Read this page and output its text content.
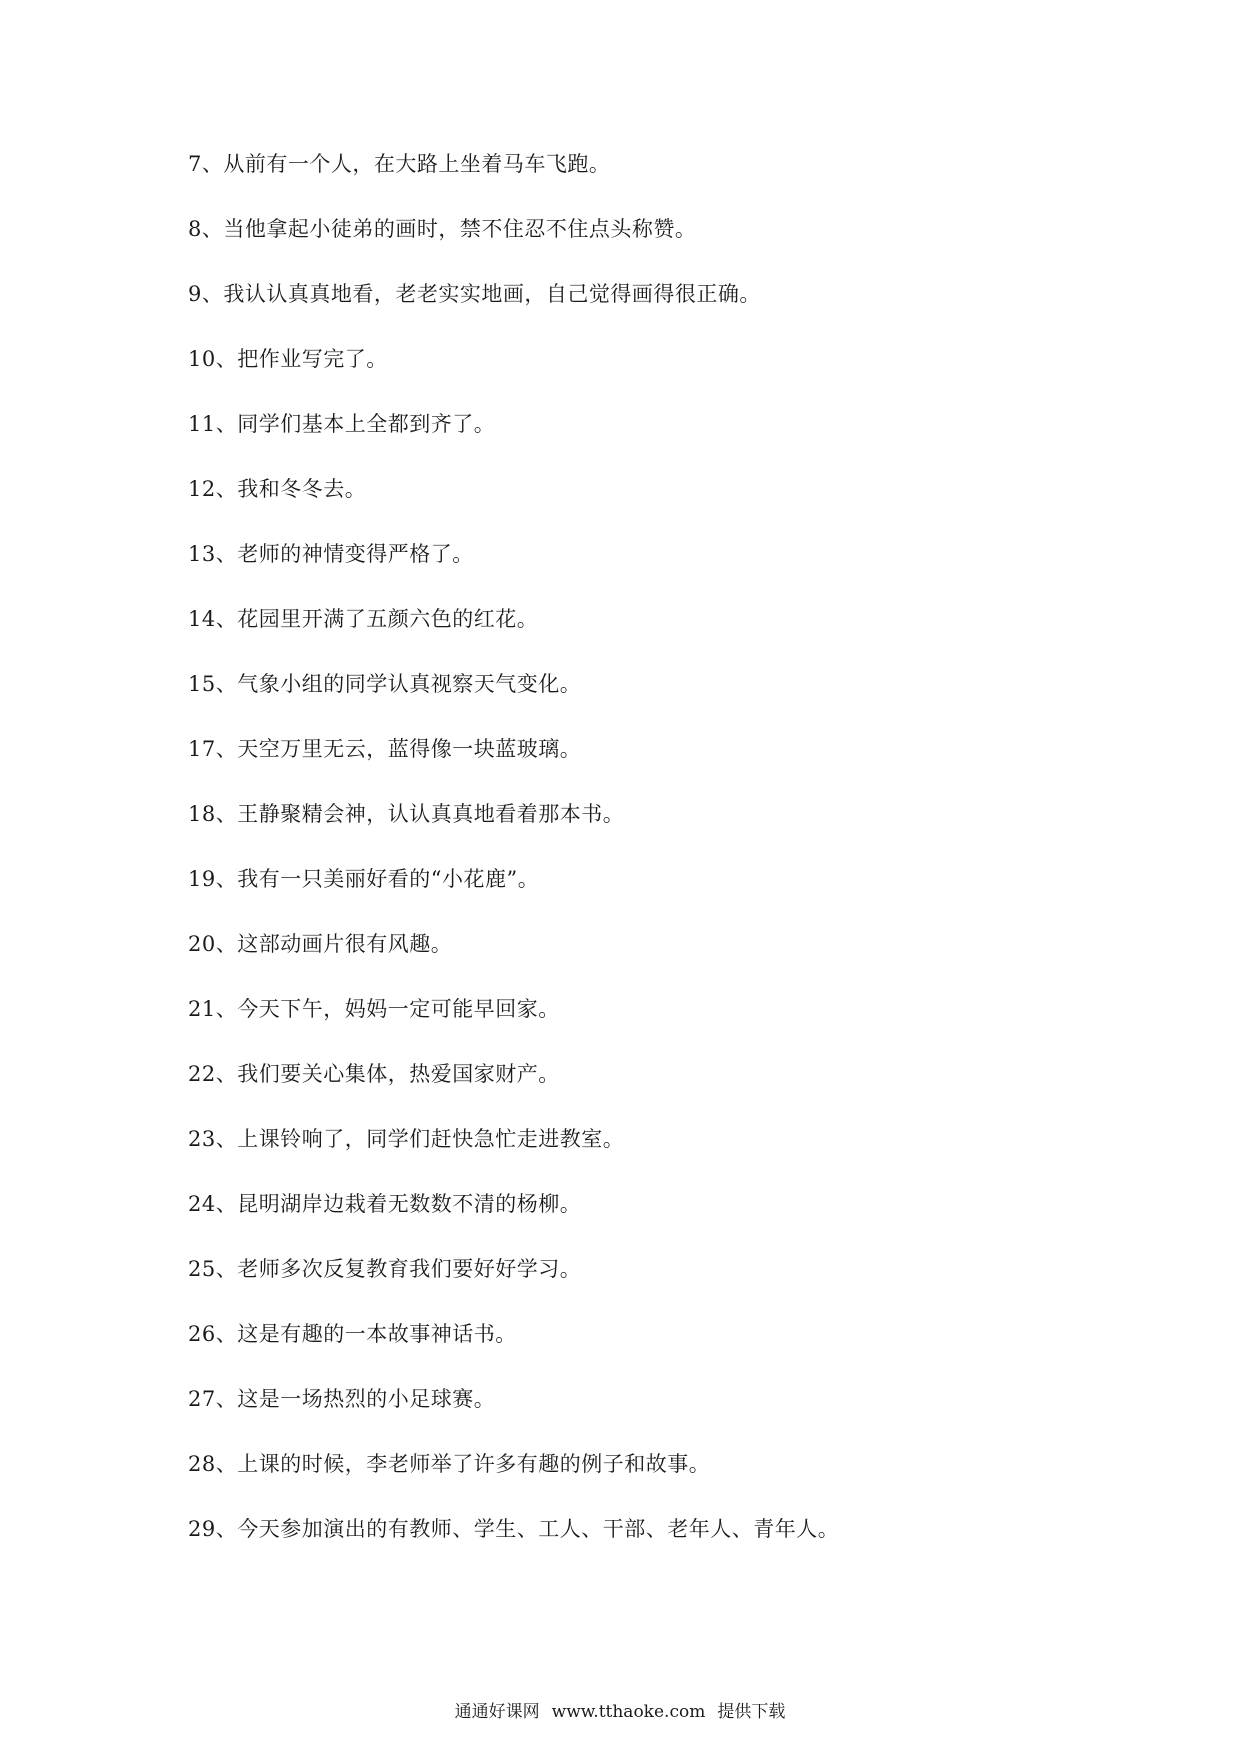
7、从前有一个人，在大路上坐着马车飞跑。
8、当他拿起小徒弟的画时，禁不住忍不住点头称赞。
9、我认认真真地看，老老实实地画，自己觉得画得很正确。
10、把作业写完了。
11、同学们基本上全都到齐了。
12、我和冬冬去。
13、老师的神情变得严格了。
14、花园里开满了五颜六色的红花。
15、气象小组的同学认真视察天气变化。
17、天空万里无云，蓝得像一块蓝玻璃。
18、王静聚精会神，认认真真地看着那本书。
19、我有一只美丽好看的“小花鹿”。
20、这部动画片很有风趣。
21、今天下午，妈妈一定可能早回家。
22、我们要关心集体，热爱国家财产。
23、上课铃响了，同学们赶快急忙走进教室。
24、昆明湖岸边栽着无数数不清的杨柳。
25、老师多次反复教育我们要好好学习。
26、这是有趣的一本故事神话书。
27、这是一场热烈的小足球赛。
28、上课的时候，李老师举了许多有趣的例子和故事。
29、今天参加演出的有教师、学生、工人、干部、老年人、青年人。
通通好课网 www.tthaoke.com 提供下载
